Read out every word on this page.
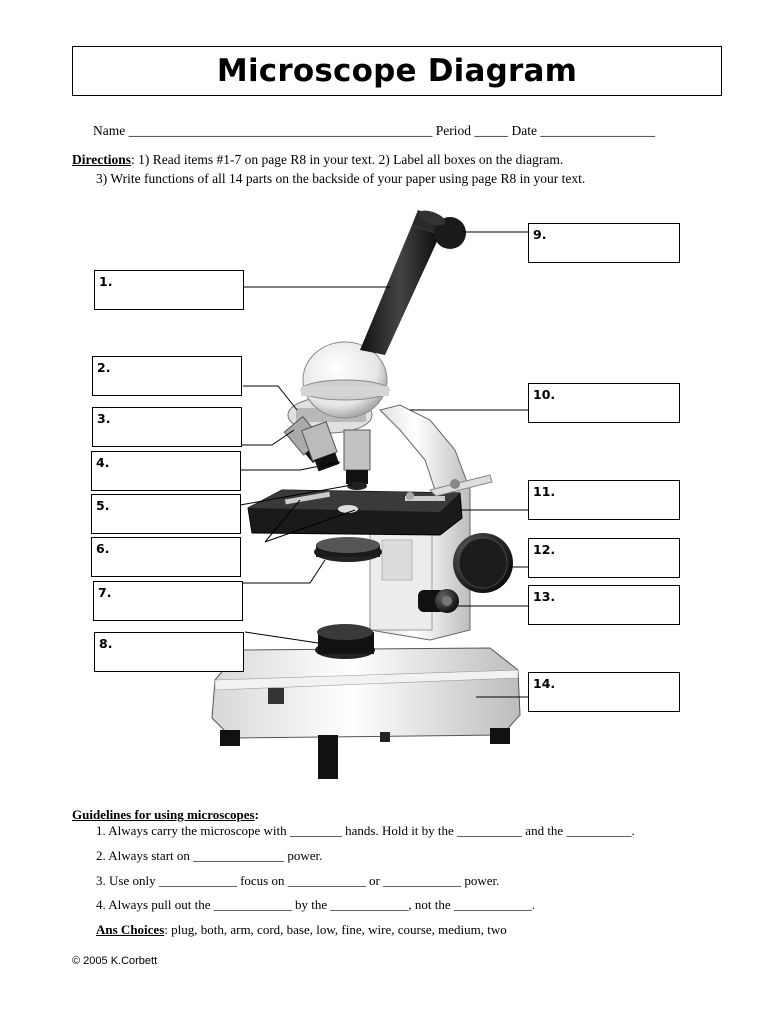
Microscope Diagram
Name _____________________________________________ Period _____ Date _________________
Directions: 1) Read items #1-7 on page R8 in your text. 2) Label all boxes on the diagram.
3) Write functions of all 14 parts on the backside of your paper using page R8 in your text.
1.
2.
3.
4.
5.
6.
7.
8.
9.
10.
11.
12.
13.
14.
Guidelines for using microscopes:
1. Always carry the microscope with ________ hands. Hold it by the __________ and the __________.
2. Always start on ______________ power.
3. Use only ____________ focus on ____________ or ____________ power.
4. Always pull out the ____________ by the ____________, not the ____________.
Ans Choices: plug, both, arm, cord, base, low, fine, wire, course, medium, two
© 2005 K.Corbett
